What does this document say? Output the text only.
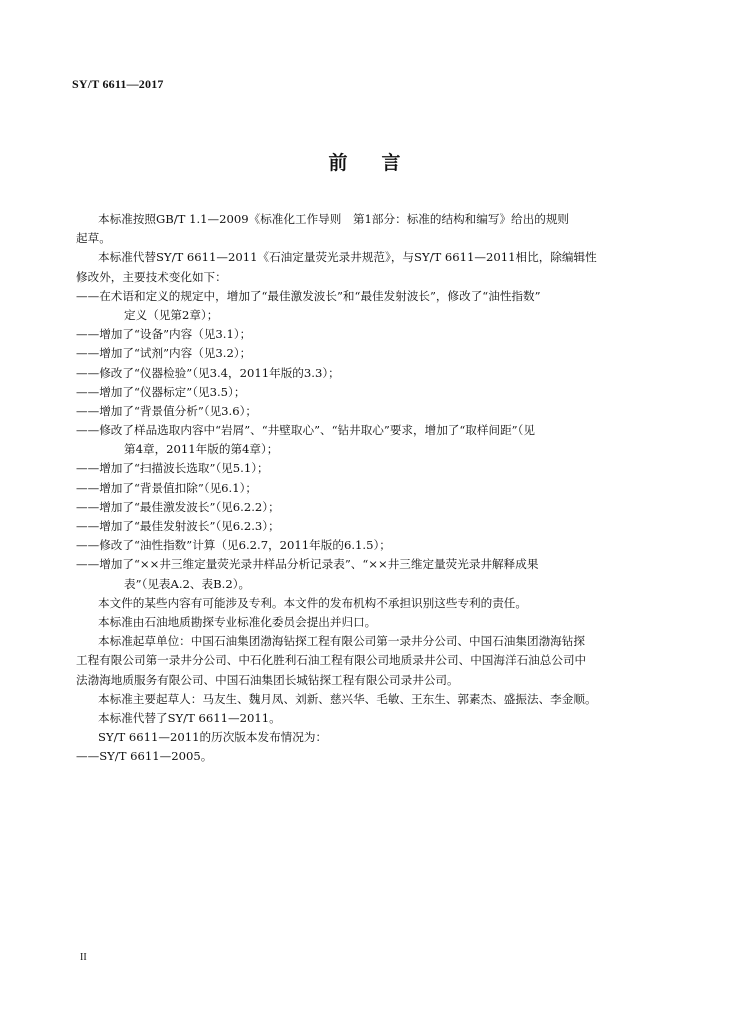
SY/T 6611—2017
前言
本标准按照GB/T 1.1—2009《标准化工作导则　第1部分：标准的结构和编写》给出的规则
起草。
本标准代替SY/T 6611—2011《石油定量荧光录井规范》，与SY/T 6611—2011相比，除编辑性
修改外，主要技术变化如下：
——在术语和定义的规定中，增加了“最佳激发波长”和“最佳发射波长”，修改了“油性指数”
定义（见第2章）；
——增加了“设备”内容（见3.1）；
——增加了“试剂”内容（见3.2）；
——修改了“仪器检验”（见3.4，2011年版的3.3）；
——增加了“仪器标定”（见3.5）；
——增加了“背景值分析”（见3.6）；
——修改了样品选取内容中“岩屑”、“井壁取心”、“钻井取心”要求，增加了“取样间距”（见
第4章，2011年版的第4章）；
——增加了“扫描波长选取”（见5.1）；
——增加了“背景值扣除”（见6.1）；
——增加了“最佳激发波长”（见6.2.2）；
——增加了“最佳发射波长”（见6.2.3）；
——修改了“油性指数”计算（见6.2.7，2011年版的6.1.5）；
——增加了“××井三维定量荧光录井样品分析记录表”、“××井三维定量荧光录井解释成果
表”（见表A.2、表B.2）。
本文件的某些内容有可能涉及专利。本文件的发布机构不承担识别这些专利的责任。
本标准由石油地质勘探专业标准化委员会提出并归口。
本标准起草单位：中国石油集团渤海钻探工程有限公司第一录井分公司、中国石油集团渤海钻探
工程有限公司第一录井分公司、中石化胜利石油工程有限公司地质录井公司、中国海洋石油总公司中
法渤海地质服务有限公司、中国石油集团长城钻探工程有限公司录井公司。
本标准主要起草人：马友生、魏月凤、刘新、慈兴华、毛敏、王东生、郭素杰、盛振法、李金顺。
本标准代替了SY/T 6611—2011。
SY/T 6611—2011的历次版本发布情况为：
——SY/T 6611—2005。
II
